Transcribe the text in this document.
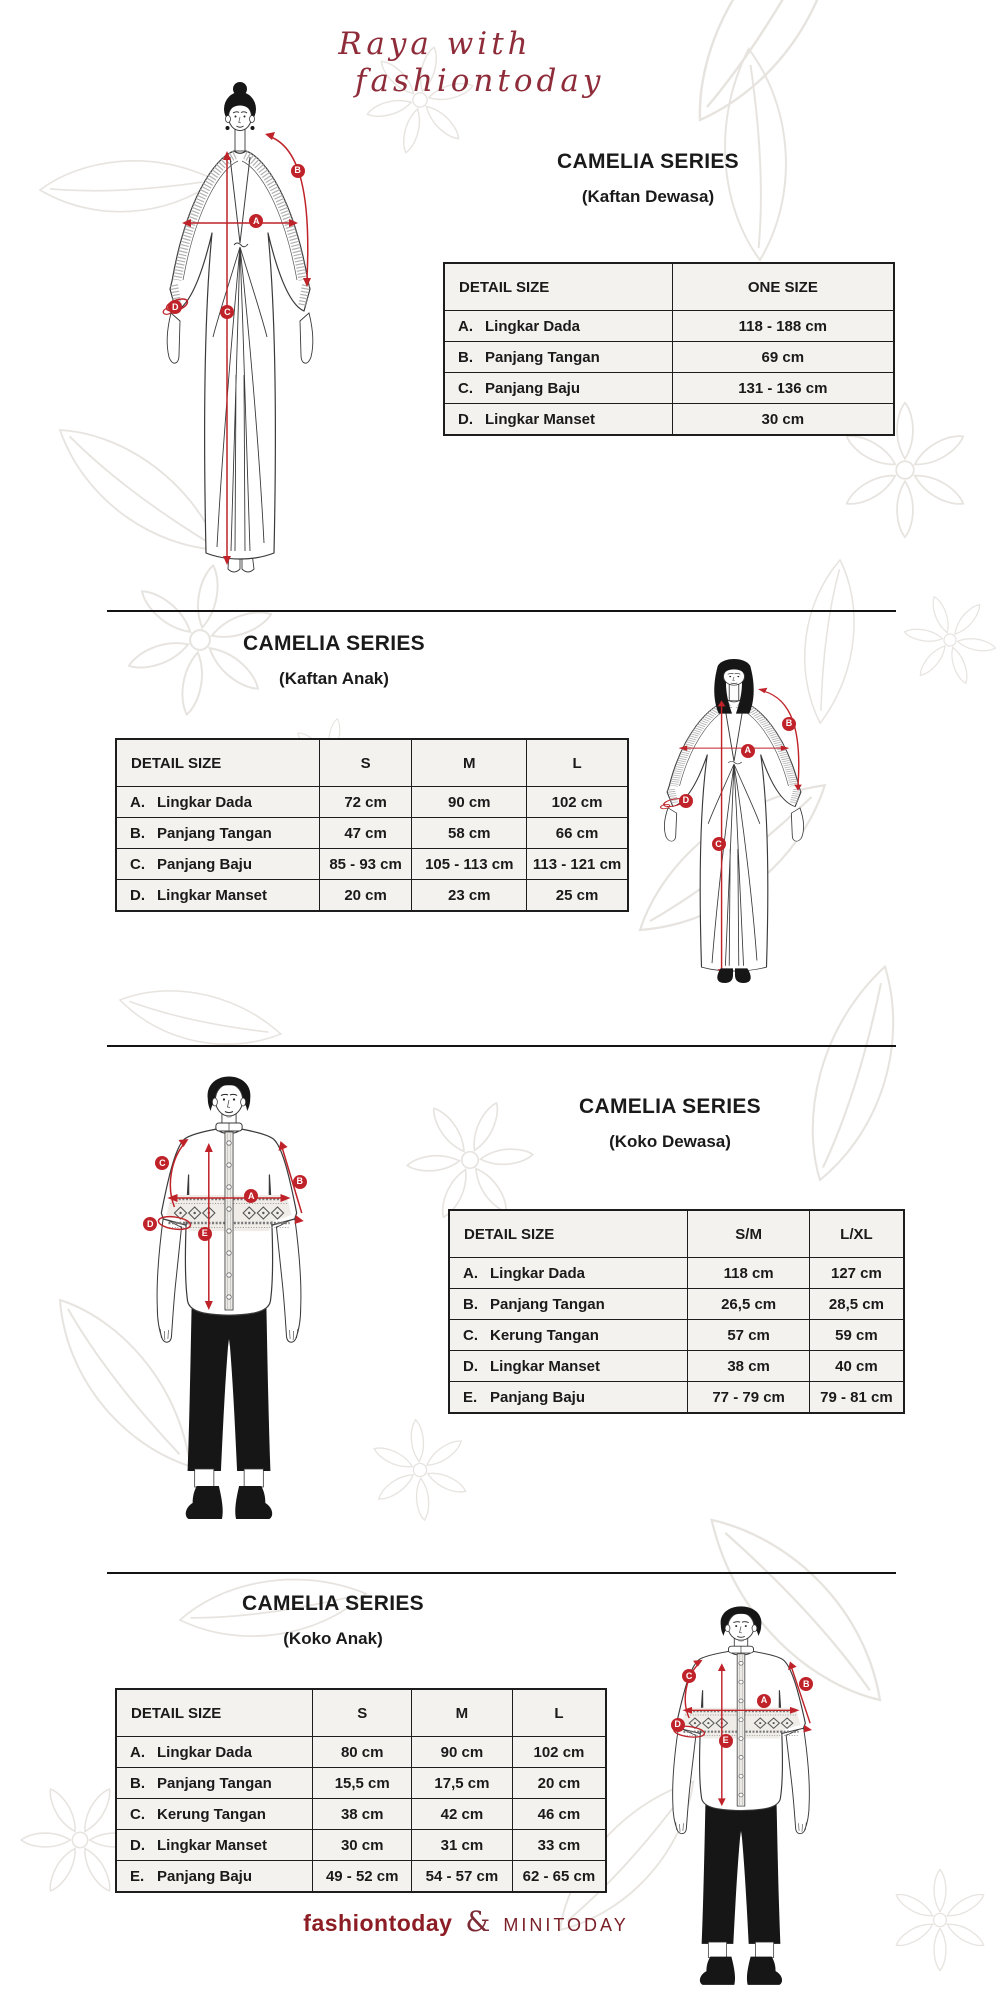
Raya with
fashiontoday
A
B
C
D
CAMELIA SERIES
(Kaftan Dewasa)
DETAIL SIZE	ONE SIZE
A. Lingkar Dada	118 - 188 cm
B. Panjang Tangan	69 cm
C. Panjang Baju	131 - 136 cm
D. Lingkar Manset	30 cm
CAMELIA SERIES
(Kaftan Anak)
A
B
C
D
DETAIL SIZE	S	M	L
A. Lingkar Dada	72 cm	90 cm	102 cm
B. Panjang Tangan	47 cm	58 cm	66 cm
C. Panjang Baju	85 - 93 cm	105 - 113 cm	113 - 121 cm
D. Lingkar Manset	20 cm	23 cm	25 cm
A
B
C
D
E
CAMELIA SERIES
(Koko Dewasa)
DETAIL SIZE	S/M	L/XL
A. Lingkar Dada	118 cm	127 cm
B. Panjang Tangan	26,5 cm	28,5 cm
C. Kerung Tangan	57 cm	59 cm
D. Lingkar Manset	38 cm	40 cm
E. Panjang Baju	77 - 79 cm	79 - 81 cm
CAMELIA SERIES
(Koko Anak)
A
B
C
D
E
DETAIL SIZE	S	M	L
A. Lingkar Dada	80 cm	90 cm	102 cm
B. Panjang Tangan	15,5 cm	17,5 cm	20 cm
C. Kerung Tangan	38 cm	42 cm	46 cm
D. Lingkar Manset	30 cm	31 cm	33 cm
E. Panjang Baju	49 - 52 cm	54 - 57 cm	62 - 65 cm
fashiontoday & MINITODAY
